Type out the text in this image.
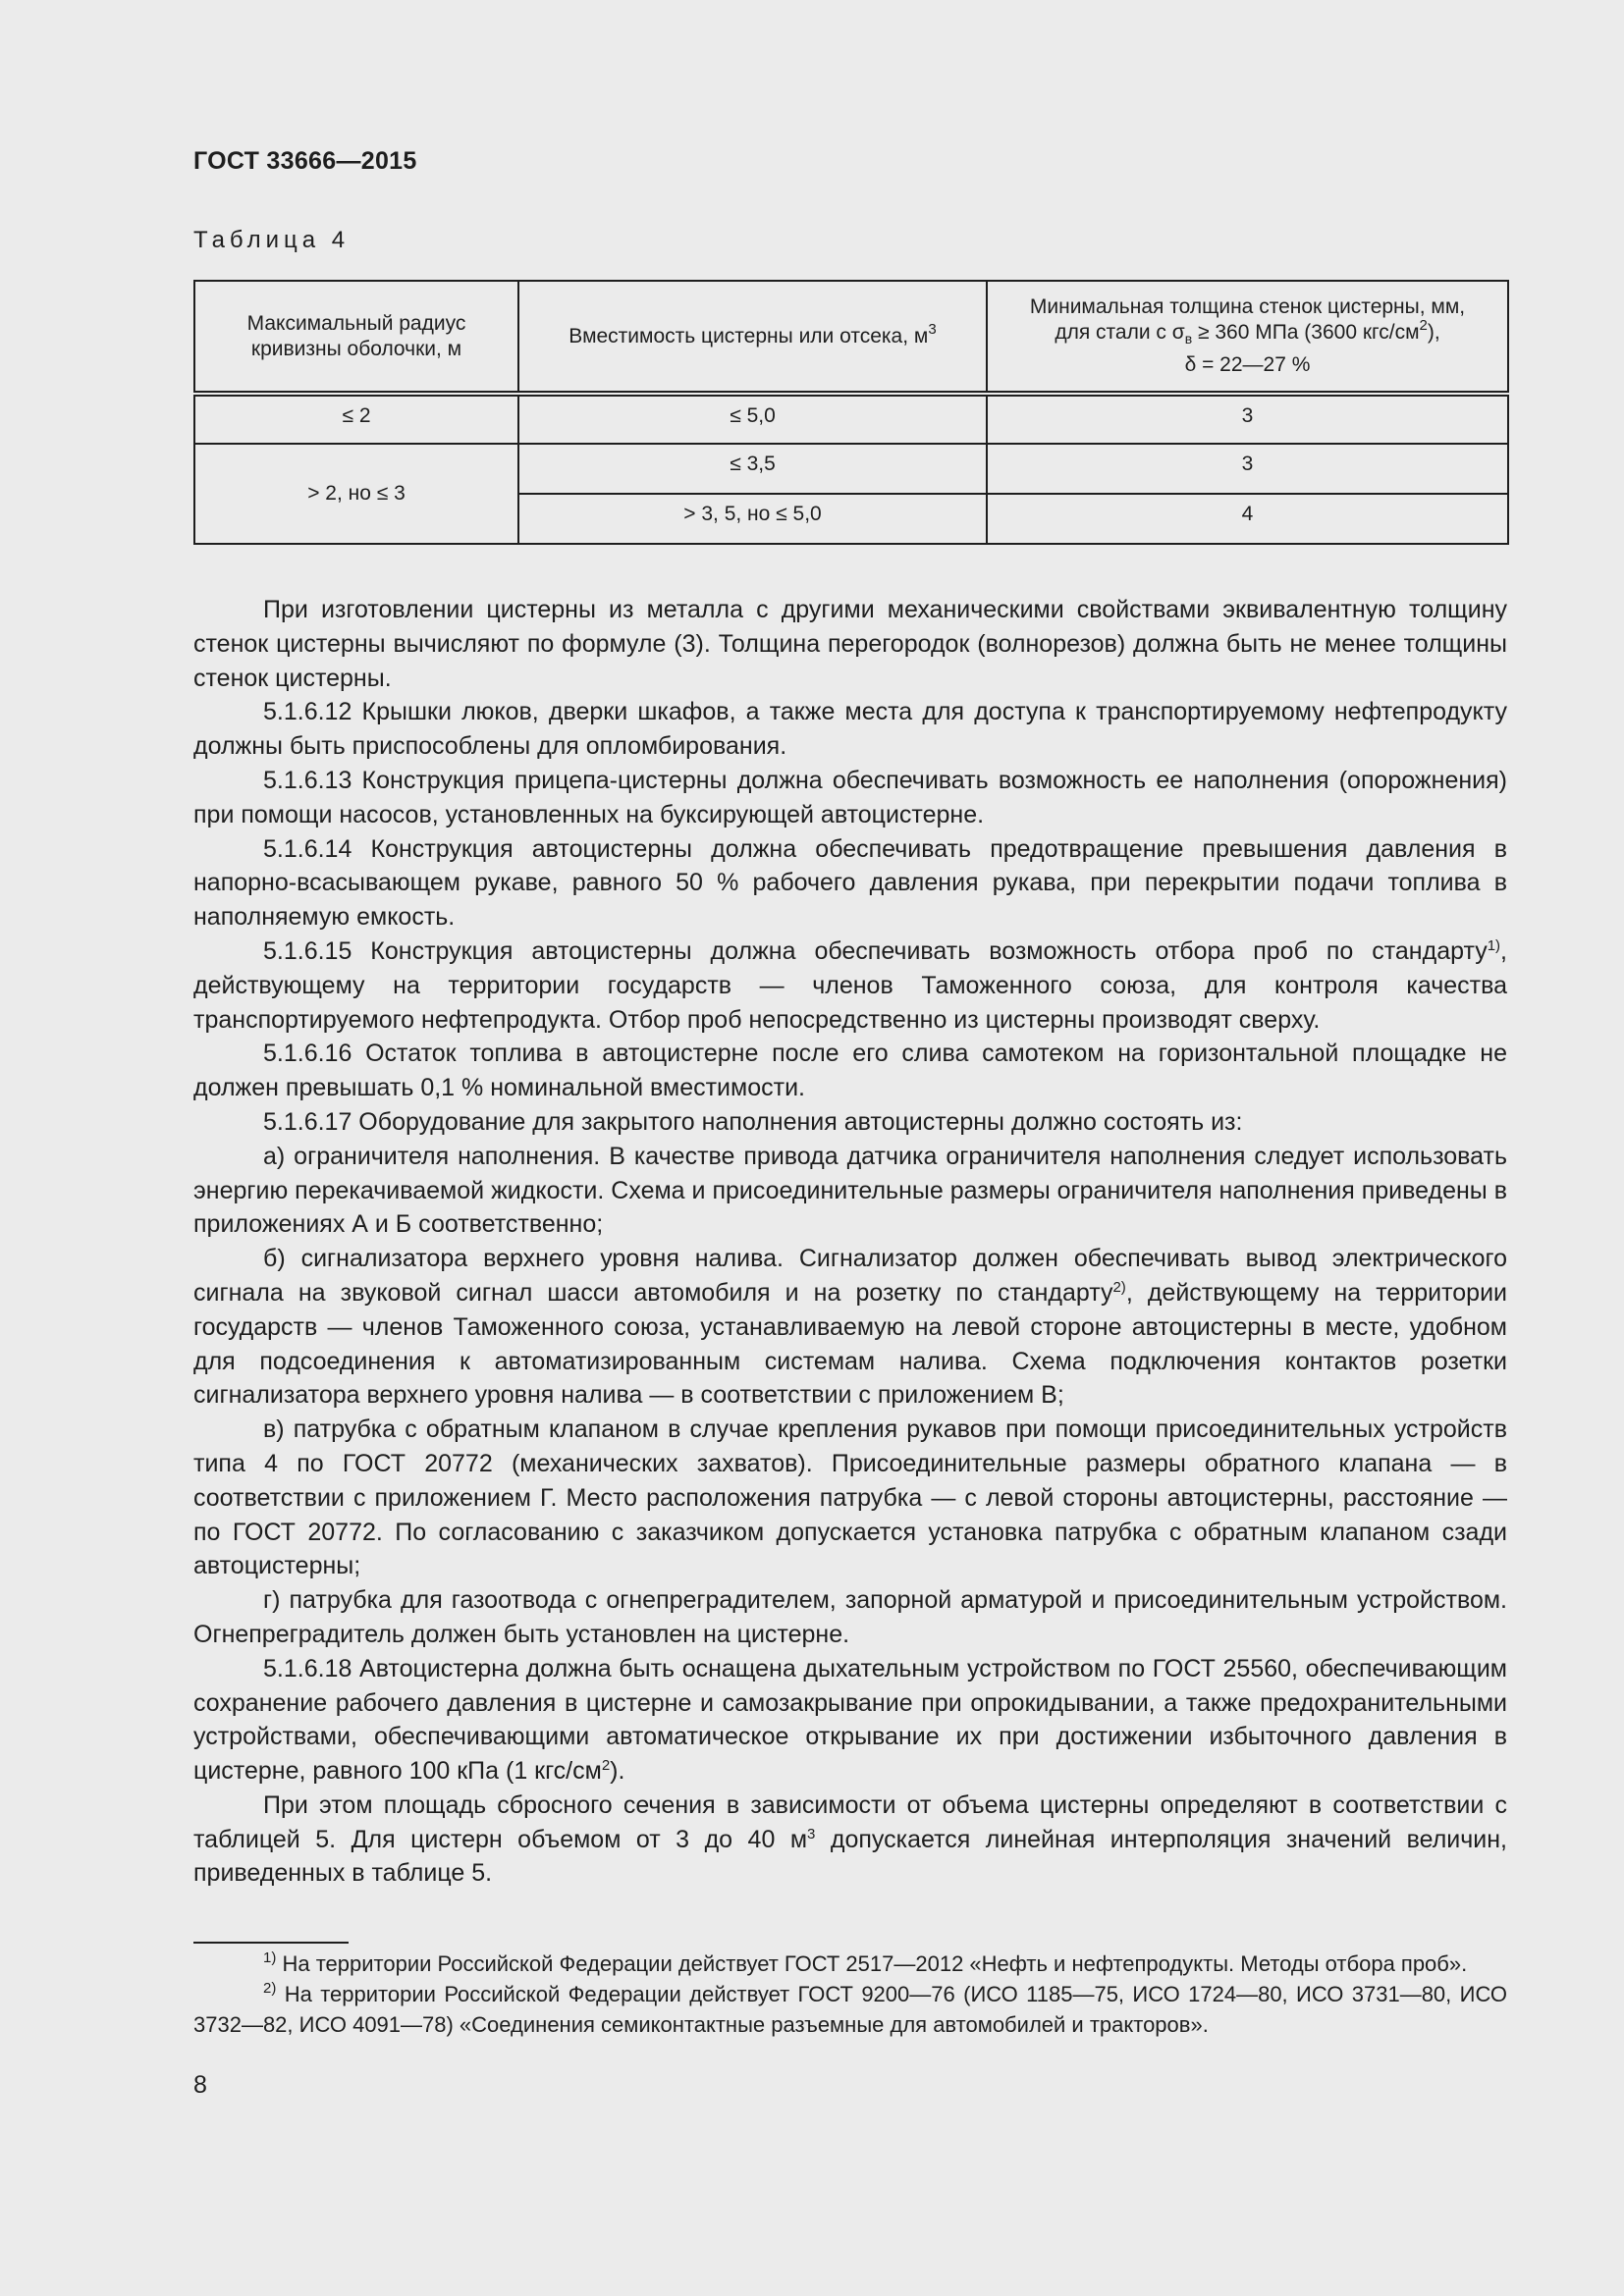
ГОСТ 33666—2015
Таблица 4
Максимальный радиус кривизны оболочки, м	Вместимость цистерны или отсека, $м^3$	Минимальная толщина стенок цистерны, мм,
для стали с $\sigma_в \ge 360$ МПа (3600 кгс/$см^2$),
δ = 22—27 %

≤ 2	≤ 5,0	3
> 2, но ≤ 3	≤ 3,5	3
	> 3, 5, но ≤ 5,0	4

При изготовлении цистерны из металла с другими механическими свойствами эквивалентную толщину стенок цистерны вычисляют по формуле (3). Толщина перегородок (волнорезов) должна быть не менее толщины стенок цистерны.

5.1.6.12 Крышки люков, дверки шкафов, а также места для доступа к транспортируемому нефтепродукту должны быть приспособлены для опломбирования.

5.1.6.13 Конструкция прицепа-цистерны должна обеспечивать возможность ее наполнения (опорожнения) при помощи насосов, установленных на буксирующей автоцистерне.

5.1.6.14 Конструкция автоцистерны должна обеспечивать предотвращение превышения давления в напорно-всасывающем рукаве, равного 50 % рабочего давления рукава, при перекрытии подачи топлива в наполняемую емкость.

5.1.6.15 Конструкция автоцистерны должна обеспечивать возможность отбора проб по стандарту$^{1)}$, действующему на территории государств — членов Таможенного союза, для контроля качества транспортируемого нефтепродукта. Отбор проб непосредственно из цистерны производят сверху.

5.1.6.16 Остаток топлива в автоцистерне после его слива самотеком на горизонтальной площадке не должен превышать 0,1 % номинальной вместимости.

5.1.6.17 Оборудование для закрытого наполнения автоцистерны должно состоять из:

а) ограничителя наполнения. В качестве привода датчика ограничителя наполнения следует использовать энергию перекачиваемой жидкости. Схема и присоединительные размеры ограничителя наполнения приведены в приложениях А и Б соответственно;

б) сигнализатора верхнего уровня налива. Сигнализатор должен обеспечивать вывод электрического сигнала на звуковой сигнал шасси автомобиля и на розетку по стандарту$^{2)}$, действующему на территории государств — членов Таможенного союза, устанавливаемую на левой стороне автоцистерны в месте, удобном для подсоединения к автоматизированным системам налива. Схема подключения контактов розетки сигнализатора верхнего уровня налива — в соответствии с приложением В;

в) патрубка с обратным клапаном в случае крепления рукавов при помощи присоединительных устройств типа 4 по ГОСТ 20772 (механических захватов). Присоединительные размеры обратного клапана — в соответствии с приложением Г. Место расположения патрубка — с левой стороны автоцистерны, расстояние — по ГОСТ 20772. По согласованию с заказчиком допускается установка патрубка с обратным клапаном сзади автоцистерны;

г) патрубка для газоотвода с огнепреградителем, запорной арматурой и присоединительным устройством. Огнепреградитель должен быть установлен на цистерне.

5.1.6.18 Автоцистерна должна быть оснащена дыхательным устройством по ГОСТ 25560, обеспечивающим сохранение рабочего давления в цистерне и самозакрывание при опрокидывании, а также предохранительными устройствами, обеспечивающими автоматическое открывание их при достижении избыточного давления в цистерне, равного 100 кПа (1 кгс/$см^2$).

При этом площадь сбросного сечения в зависимости от объема цистерны определяют в соответствии с таблицей 5. Для цистерн объемом от 3 до 40 $м^3$ допускается линейная интерполяция значений величин, приведенных в таблице 5.

$^{1)}$ На территории Российской Федерации действует ГОСТ 2517—2012 «Нефть и нефтепродукты. Методы отбора проб».

$^{2)}$ На территории Российской Федерации действует ГОСТ 9200—76 (ИСО 1185—75, ИСО 1724—80, ИСО 3731—80, ИСО 3732—82, ИСО 4091—78) «Соединения семиконтактные разъемные для автомобилей и тракторов».

8
